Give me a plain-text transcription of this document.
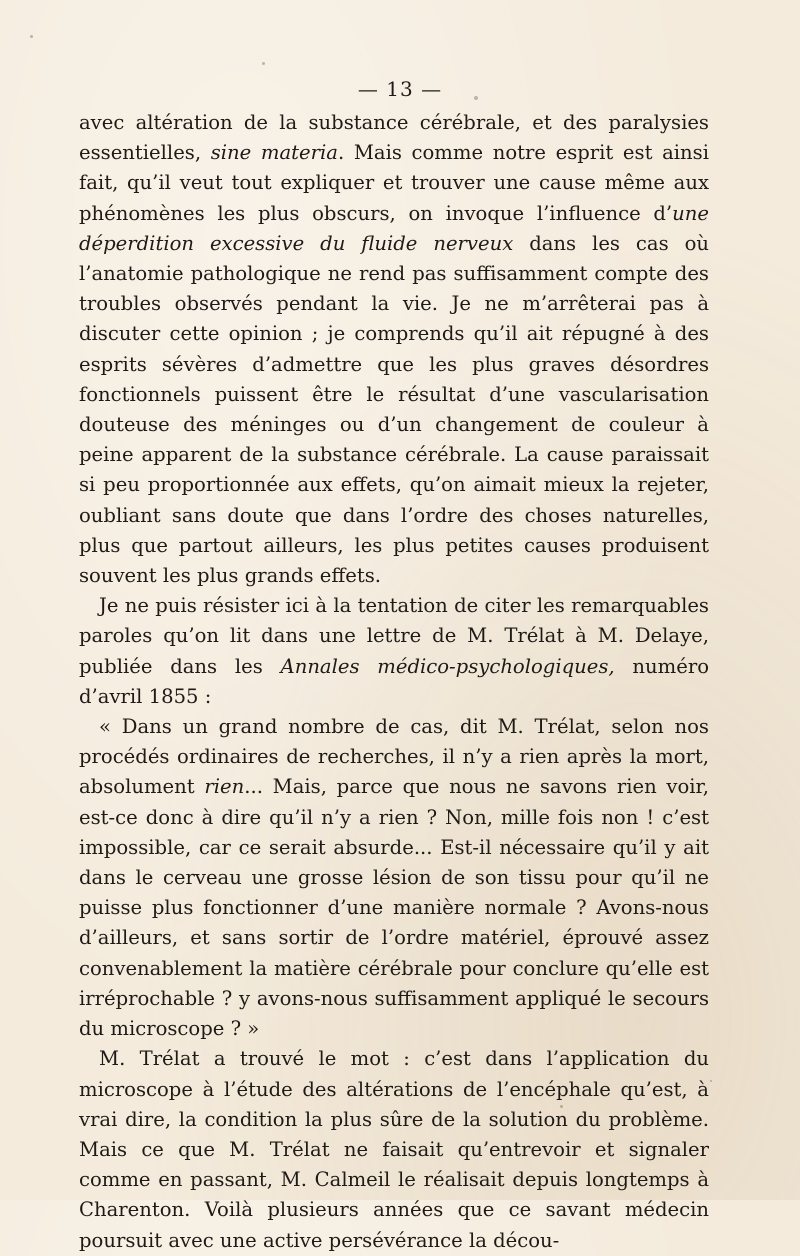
— 13 —

avec altération de la substance cérébrale, et des paralysies essentielles, sine materia. Mais comme notre esprit est ainsi fait, qu’il veut tout expliquer et trouver une cause même aux phénomènes les plus obscurs, on invoque l’influence d’une déperdition excessive du fluide nerveux dans les cas où l’anatomie pathologique ne rend pas suffisamment compte des troubles observés pendant la vie. Je ne m’arrêterai pas à discuter cette opinion ; je comprends qu’il ait répugné à des esprits sévères d’admettre que les plus graves désordres fonctionnels puissent être le résultat d’une vascularisation douteuse des méninges ou d’un changement de couleur à peine apparent de la substance cérébrale. La cause paraissait si peu proportionnée aux effets, qu’on aimait mieux la rejeter, oubliant sans doute que dans l’ordre des choses naturelles, plus que partout ailleurs, les plus petites causes produisent souvent les plus grands effets.

Je ne puis résister ici à la tentation de citer les remarquables paroles qu’on lit dans une lettre de M. Trélat à M. Delaye, publiée dans les Annales médico-psychologiques, numéro d’avril 1855 :

« Dans un grand nombre de cas, dit M. Trélat, selon nos procédés ordinaires de recherches, il n’y a rien après la mort, absolument rien... Mais, parce que nous ne savons rien voir, est-ce donc à dire qu’il n’y a rien ? Non, mille fois non ! c’est impossible, car ce serait absurde... Est-il nécessaire qu’il y ait dans le cerveau une grosse lésion de son tissu pour qu’il ne puisse plus fonctionner d’une manière normale ? Avons-nous d’ailleurs, et sans sortir de l’ordre matériel, éprouvé assez convenablement la matière cérébrale pour conclure qu’elle est irréprochable ? y avons-nous suffisamment appliqué le secours du microscope ? »

M. Trélat a trouvé le mot : c’est dans l’application du microscope à l’étude des altérations de l’encéphale qu’est, à vrai dire, la condition la plus sûre de la solution du problème. Mais ce que M. Trélat ne faisait qu’entrevoir et signaler comme en passant, M. Calmeil le réalisait depuis longtemps à Charenton. Voilà plusieurs années que ce savant médecin poursuit avec une active persévérance la décou-
